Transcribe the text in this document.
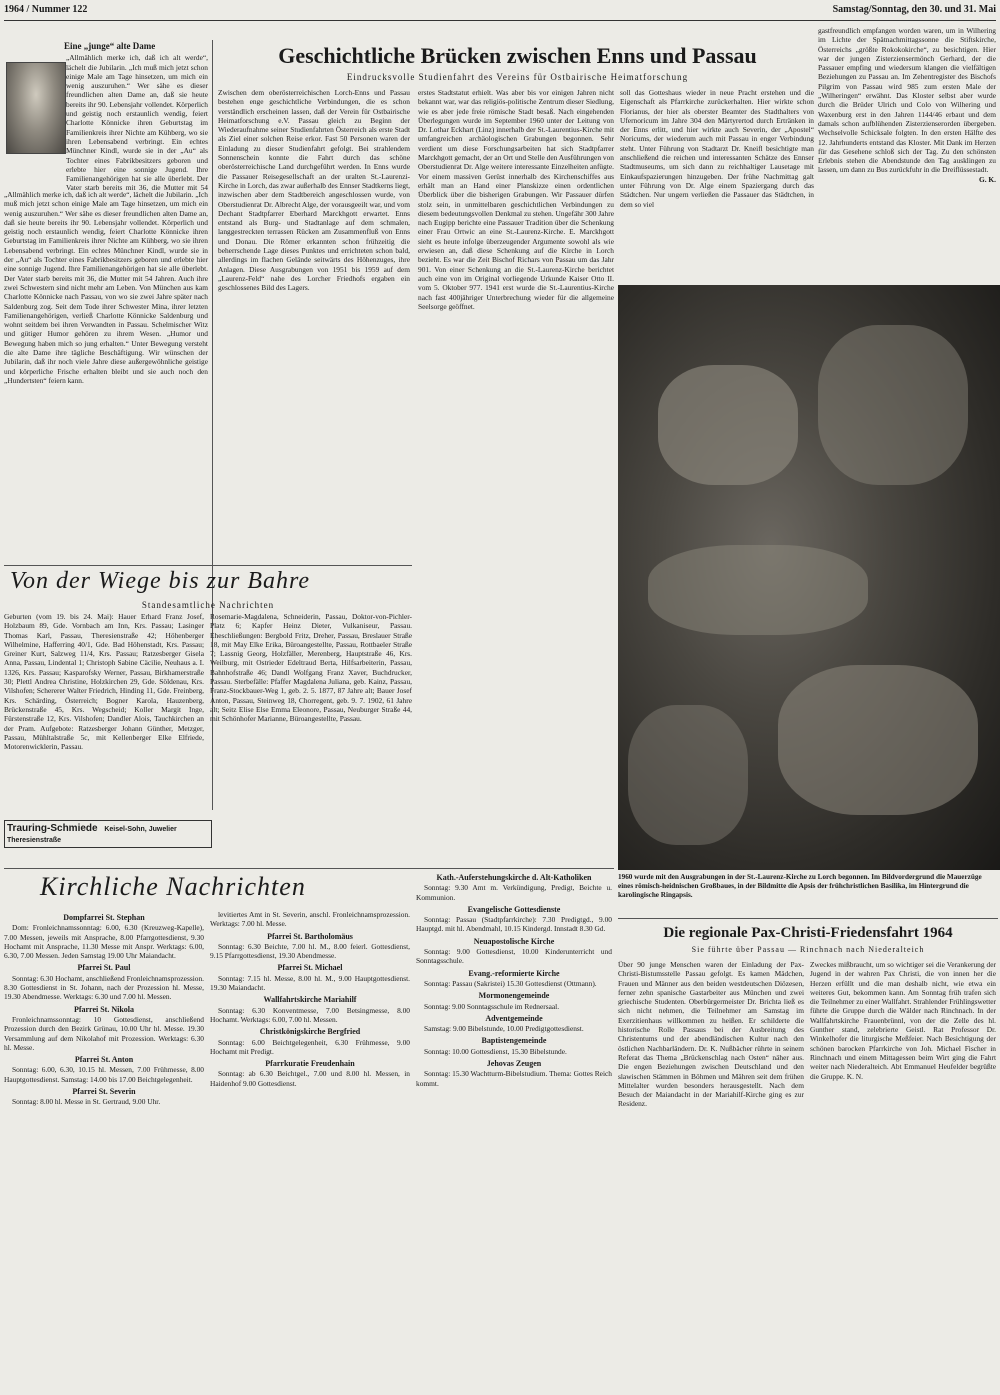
1964 / Nummer 122	Samstag/Sonntag, den 30. und 31. Mai
Eine „junge“ alte Dame
„Allmählich merke ich, daß ich alt werde“, lächelt die Jubilarin. „Ich muß mich jetzt schon einige Male am Tage hinsetzen, um mich ein wenig auszuruhen.“ Wer sähe es dieser freundlichen alten Dame an, daß sie heute bereits ihr 90. Lebensjahr vollendet. Körperlich und geistig noch erstaunlich wendig, feiert Charlotte Könnicke ihren Geburtstag im Familienkreis ihrer Nichte am Kühberg, wo sie ihren Lebensabend verbringt. Ein echtes Münchner Kindl, wurde sie in der „Au“ als Tochter eines Fabrikbesitzers geboren und erlebte hier eine sonnige Jugend. Ihre Familienangehörigen hat sie alle überlebt. Der Vater starb bereits mit 36, die Mutter mit 54
„Allmählich merke ich, daß ich alt werde“, lächelt die Jubilarin. „Ich muß mich jetzt schon einige Male am Tage hinsetzen, um mich ein wenig auszuruhen.“ Wer sähe es dieser freundlichen alten Dame an, daß sie heute bereits ihr 90. Lebensjahr vollendet. Körperlich und geistig noch erstaunlich wendig, feiert Charlotte Könnicke ihren Geburtstag im Familienkreis ihrer Nichte am Kühberg, wo sie ihren Lebensabend verbringt. Ein echtes Münchner Kindl, wurde sie in der „Au“ als Tochter eines Fabrikbesitzers geboren und erlebte hier eine sonnige Jugend. Ihre Familienangehörigen hat sie alle überlebt. Der Vater starb bereits mit 36, die Mutter mit 54 Jahren. Auch ihre zwei Schwestern sind nicht mehr am Leben. Von München aus kam Charlotte Könnicke nach Passau, von wo sie zwei Jahre später nach Saldenburg zog. Seit dem Tode ihrer Schwester Mina, ihrer letzten Familienangehörigen, verließ Charlotte Könnicke Saldenburg und wohnt seitdem bei ihren Verwandten in Passau. Schelmischer Witz und gütiger Humor gehören zu ihrem Wesen. „Humor und Bewegung haben mich so jung erhalten.“ Unter Bewegung versteht die alte Dame ihre tägliche Beschäftigung. Wir wünschen der Jubilarin, daß ihr noch viele Jahre diese außergewöhnliche geistige und körperliche Frische erhalten bleibt und sie auch noch den „Hundertsten“ feiern kann.
Geschichtliche Brücken zwischen Enns und Passau
Eindrucksvolle Studienfahrt des Vereins für Ostbairische Heimatforschung
Zwischen dem oberösterreichischen Lorch-Enns und Passau bestehen enge geschichtliche Verbindungen, die es schon verständlich erscheinen lassen, daß der Verein für Ostbairische Heimatforschung e.V. Passau gleich zu Beginn der Wiederaufnahme seiner Studienfahrten Österreich als erste Stadt als Ziel einer solchen Reise erkor. Fast 50 Personen waren der Einladung zu dieser Studienfahrt gefolgt. Bei strahlendem Sonnenschein konnte die Fahrt durch das schöne oberösterreichische Land durchgeführt werden. In Enns wurde die Passauer Reisegesellschaft an der uralten St.-Laurenzi-Kirche in Lorch, das zwar außerhalb des Ennser Stadtkerns liegt, inzwischen aber dem Stadtbereich angeschlossen wurde, von Oberstudienrat Dr. Albrecht Alge, der vorausgeeilt war, und vom Dechant Stadtpfarrer Eberhard Marckhgott erwartet. Enns entstand als Burg- und Stadtanlage auf dem schmalen, langgestreckten terrassen Rücken am Zusammenfluß von Enns und Donau. Die Römer erkannten schon frühzeitig die beherrschende Lage dieses Punktes und errichteten schon bald, allerdings im flachen Gelände seitwärts des Höhenzuges, ihre Anlagen. Diese Ausgrabungen von 1951 bis 1959 auf dem „Laurenz-Feld“ nahe des Lorcher Friedhofs ergaben ein geschlossenes Bild des Lagers.
erstes Stadtstatut erhielt. Was aber bis vor einigen Jahren nicht bekannt war, war das religiös-politische Zentrum dieser Siedlung, wie es aber jede freie römische Stadt besaß. Nach eingehenden Überlegungen wurde im September 1960 unter der Leitung von Dr. Lothar Eckhart (Linz) innerhalb der St.-Laurentius-Kirche mit umfangreichen archäologischen Grabungen begonnen. Sehr verdient um diese Forschungsarbeiten hat sich Stadtpfarrer Marckhgott gemacht, der an Ort und Stelle den Ausführungen von Oberstudienrat Dr. Alge weitere interessante Einzelheiten anfügte. Vor einem massiven Gerüst innerhalb des Kirchenschiffes aus erhält man an Hand einer Planskizze einen ordentlichen Überblick über die bisherigen Grabungen. Wir Passauer dürfen stolz sein, in unmittelbaren geschichtlichen Verbindungen zu diesem bedeutungsvollen Denkmal zu stehen. Ungefähr 300 Jahre nach Eugipp berichte eine Passauer Tradition über die Schenkung einer Frau Ortwic an eine St.-Laurenz-Kirche. E. Marckhgott sieht es heute infolge überzeugender Argumente sowohl als wie erwiesen an, daß diese Schenkung auf die Kirche in Lorch bezieht. Es war die Zeit Bischof Richars von Passau um das Jahr 901. Von einer Schenkung an die St.-Laurenz-Kirche berichtet auch eine von im Original vorliegende Urkunde Kaiser Otto II. vom 5. Oktober 977. 1941 erst wurde die St.-Laurentius-Kirche nach fast 400jähriger Unterbrechung wieder für die allgemeine Seelsorge geöffnet.
soll das Gotteshaus wieder in neue Pracht erstehen und die Eigenschaft als Pfarrkirche zurückerhalten. Hier wirkte schon Florianus, der hier als oberster Beamter des Stadthalters von Ufernoricum im Jahre 304 den Märtyrertod durch Ertränken in der Enns erlitt, und hier wirkte auch Severin, der „Apostel“ Noricums, der wiederum auch mit Passau in enger Verbindung steht. Unter Führung von Stadtarzt Dr. Kneifl besichtigte man anschließend die reichen und interessanten Schätze des Ennser Stadtmuseums, um sich dann zu reichhaltiger Lausetage mit Einkaufspazierungen hinzugeben. Der frühe Nachmittag galt unter Führung von Dr. Alge einem Spaziergang durch das Städtchen. Nur ungern verließen die Passauer das Städtchen, in dem so viel
gastfreundlich empfangen worden waren, um in Wilhering im Lichte der Spätnachmittagssonne die Stiftskirche, Österreichs „größte Rokokokirche“, zu besichtigen. Hier war der jungen Zisterziensermönch Gerhard, der die Passauer empfing und wiedersum klangen die vielfältigen Beziehungen zu Passau an. Im Zehentregister des Bischofs Pilgrim von Passau wird 985 zum ersten Male der „Wilheringen“ erwähnt. Das Kloster selbst aber wurde durch die Brüder Ulrich und Colo von Wilhering und Waxenburg erst in den Jahren 1144/46 erbaut und dem damals schon aufblühenden Zisterzienserorden übergeben. Wechselvolle Schicksale folgten. In den ersten Hälfte des 12. Jahrhunderts entstand das Kloster. Mit Dank im Herzen für das Gesehene schloß sich der Tag. Zu den schönsten Erlebnis stehen die Abendstunde den Tag ausklingen zu lassen, um dann zu Bus zurückfuhr in die Dreiflüssestadt.
G. K.
1960 wurde mit den Ausgrabungen in der St.-Laurenz-Kirche zu Lorch begonnen. Im Bildvordergrund die Mauerzüge eines römisch-heidnischen Großbaues, in der Bildmitte die Apsis der frühchristlichen Basilika, im Hintergrund die karolingische Ringapsis.
Von der Wiege bis zur Bahre
Standesamtliche Nachrichten
Geburten (vom 19. bis 24. Mai): Hauer Erhard Franz Josef, Holzbaum 89, Gde. Vornbach am Inn, Krs. Passau; Lasinger Thomas Karl, Passau, Theresienstraße 42; Höhenberger Wilhelmine, Hafferring 40/1, Gde. Bad Höhenstadt, Krs. Passau; Greiner Kurt, Salzweg 11/4, Krs. Passau; Ratzesberger Gisela Anna, Passau, Lindental 1; Christoph Sabine Cäcilie, Neuhaus a. I. 1326, Krs. Passau; Kasparofsky Werner, Passau, Birkhamerstraße 30; Plettl Andrea Christine, Holzkirchen 29, Gde. Söldenau, Krs. Vilshofen; Schererer Walter Friedrich, Hinding 11, Gde. Freinberg, Krs. Schärding, Österreich; Bogner Karola, Hauzenberg, Brückenstraße 45, Krs. Wegscheid; Koller Margit Inge, Fürstenstraße 12, Krs. Vilshofen; Dandler Alois, Tauchkirchen an der Pram. Aufgebote: Ratzesberger Johann Günther, Metzger, Passau, Mühltalstraße 5c, mit Kellenberger Elke Elfriede, Motorenwicklerin, Passau.
Rosemarie-Magdalena, Schneiderin, Passau, Doktor-von-Pichler-Platz 6; Kapfer Heinz Dieter, Vulkaniseur, Passau. Eheschließungen: Bergbold Fritz, Dreher, Passau, Breslauer Straße 18, mit May Elke Erika, Büroangestellte, Passau, Rottbaeler Straße 7; Lassnig Georg, Holzfäller, Merenberg, Hauptstraße 46, Krs. Weilburg, mit Ostrieder Edeltraud Berta, Hilfsarbeiterin, Passau, Bahnhofstraße 46; Dandl Wolfgang Franz Xaver, Buchdrucker, Passau. Sterbefälle: Pfaffer Magdalena Juliana, geb. Kainz, Passau, Franz-Stockbauer-Weg 1, geb. 2. 5. 1877, 87 Jahre alt; Bauer Josef Anton, Passau, Steinweg 18, Chorregent, geb. 9. 7. 1902, 61 Jahre alt; Seitz Elise Else Emma Eleonore, Passau, Neuburger Straße 44, mit Schönhofer Marianne, Büroangestellte, Passau.
Trauring-Schmiede Keisel-Sohn, Juwelier Theresienstraße
Die regionale Pax-Christi-Friedensfahrt 1964
Sie führte über Passau — Rinchnach nach Niederalteich
Über 90 junge Menschen waren der Einladung der Pax-Christi-Bistumsstelle Passau gefolgt. Es kamen Mädchen, Frauen und Männer aus den beiden westdeutschen Diözesen, ferner zehn spanische Gastarbeiter aus München und zwei griechische Studenten. Oberbürgermeister Dr. Brichta ließ es sich nicht nehmen, die Teilnehmer am Samstag im Exerzitienhaus willkommen zu heißen. Er schilderte die historische Rolle Passaus bei der Ausbreitung des Christentums und der abendländischen Kultur nach den östlichen Nachbarländern. Dr. K. Nußbächer rührte in seinem Referat das Thema „Brückenschlag nach Osten“ näher aus. Die engen Beziehungen zwischen Deutschland und den slawischen Stämmen in Böhmen und Mähren seit dem frühen Mittelalter wurden besonders herausgestellt. Nach dem Besuch der Maiandacht in der Mariahilf-Kirche ging es zur Residenz.
Zweckes mißbraucht, um so wichtiger sei die Verankerung der Jugend in der wahren Pax Christi, die von innen her die Herzen erfüllt und die man deshalb nicht, wie etwa ein weiteres Gut, bekommen kann. Am Sonntag früh trafen sich die Teilnehmer zu einer Wallfahrt. Strahlender Frühlingswetter führte die Gruppe durch die Wälder nach Rinchnach. In der Wallfahrtskirche Frauenbrünnl, von der die Zelle des hl. Gunther stand, zelebrierte Geistl. Rat Professor Dr. Winkelhofer die liturgische Meßfeier. Nach Besichtigung der schönen barocken Pfarrkirche von Joh. Michael Fischer in Rinchnach und einem Mittagessen beim Wirt ging die Fahrt weiter nach Niederalteich. Abt Emmanuel Heufelder begrüßte die Gruppe. K. N.
Kirchliche Nachrichten
Dompfarrei St. Stephan

Dom: Fronleichnamssonntag: 6.00, 6.30 (Kreuzweg-Kapelle), 7.00 Messen, jeweils mit Ansprache, 8.00 Pfarrgottesdienst, 9.30 Hochamt mit Ansprache, 11.30 Messe mit Anspr. Werktags: 6.00, 6.30, 7.00 Messen. Jeden Samstag 19.00 Uhr Maiandacht.

Pfarrei St. Paul

Sonntag: 6.30 Hochamt, anschließend Fronleichnamsprozession. 8.30 Gottesdienst in St. Johann, nach der Prozession hl. Messe, 19.30 Abendmesse. Werktags: 6.30 und 7.00 hl. Messen.

Pfarrei St. Nikola

Fronleichnamssonntag: 10 Gottesdienst, anschließend Prozession durch den Bezirk Grünau, 10.00 Uhr hl. Messe. 19.30 Versammlung auf dem Nikolahof mit Prozession. Werktags: 6.30 hl. Messe.

Pfarrei St. Anton

Sonntag: 6.00, 6.30, 10.15 hl. Messen, 7.00 Frühmesse, 8.00 Hauptgottesdienst. Samstag: 14.00 bis 17.00 Beichtgelegenheit.

Pfarrei St. Severin

Sonntag: 8.00 hl. Messe in St. Gertraud, 9.00 Uhr.

levitiertes Amt in St. Severin, anschl. Fronleichnamsprozession. Werktags: 7.00 hl. Messe.

Pfarrei St. Bartholomäus

Sonntag: 6.30 Beichte, 7.00 hl. M., 8.00 feierl. Gottesdienst, 9.15 Pfarrgottesdienst, 19.30 Abendmesse.

Pfarrei St. Michael

Sonntag: 7.15 hl. Messe, 8.00 hl. M., 9.00 Hauptgottesdienst. 19.30 Maiandacht.

Wallfahrtskirche Mariahilf

Sonntag: 6.30 Konventmesse, 7.00 Betsingmesse, 8.00 Hochamt. Werktags: 6.00, 7.00 hl. Messen.

Christkönigskirche Bergfried

Sonntag: 6.00 Beichtgelegenheit, 6.30 Frühmesse, 9.00 Hochamt mit Predigt.

Pfarrkuratie Freudenhain

Sonntag: ab 6.30 Beichtgel., 7.00 und 8.00 hl. Messen, in Haidenhof 9.00 Gottesdienst.

Kath.-Auferstehungskirche d. Alt-Katholiken

Sonntag: 9.30 Amt m. Verkündigung, Predigt, Beichte u. Kommunion.

Evangelische Gottesdienste

Sonntag: Passau (Stadtpfarrkirche): 7.30 Predigtgd., 9.00 Hauptgd. mit hl. Abendmahl, 10.15 Kindergd. Innstadt 8.30 Gd.

Neuapostolische Kirche

Sonntag: 9.00 Gottesdienst, 10.00 Kinderunterricht und Sonntagsschule.

Evang.-reformierte Kirche

Sonntag: Passau (Sakristei) 15.30 Gottesdienst (Ottmann).

Mormonengemeinde

Sonntag: 9.00 Sonntagsschule im Rednersaal.

Adventgemeinde

Samstag: 9.00 Bibelstunde, 10.00 Predigtgottesdienst.

Baptistengemeinde

Sonntag: 10.00 Gottesdienst, 15.30 Bibelstunde.

Jehovas Zeugen

Sonntag: 15.30 Wachtturm-Bibelstudium. Thema: Gottes Reich kommt.
